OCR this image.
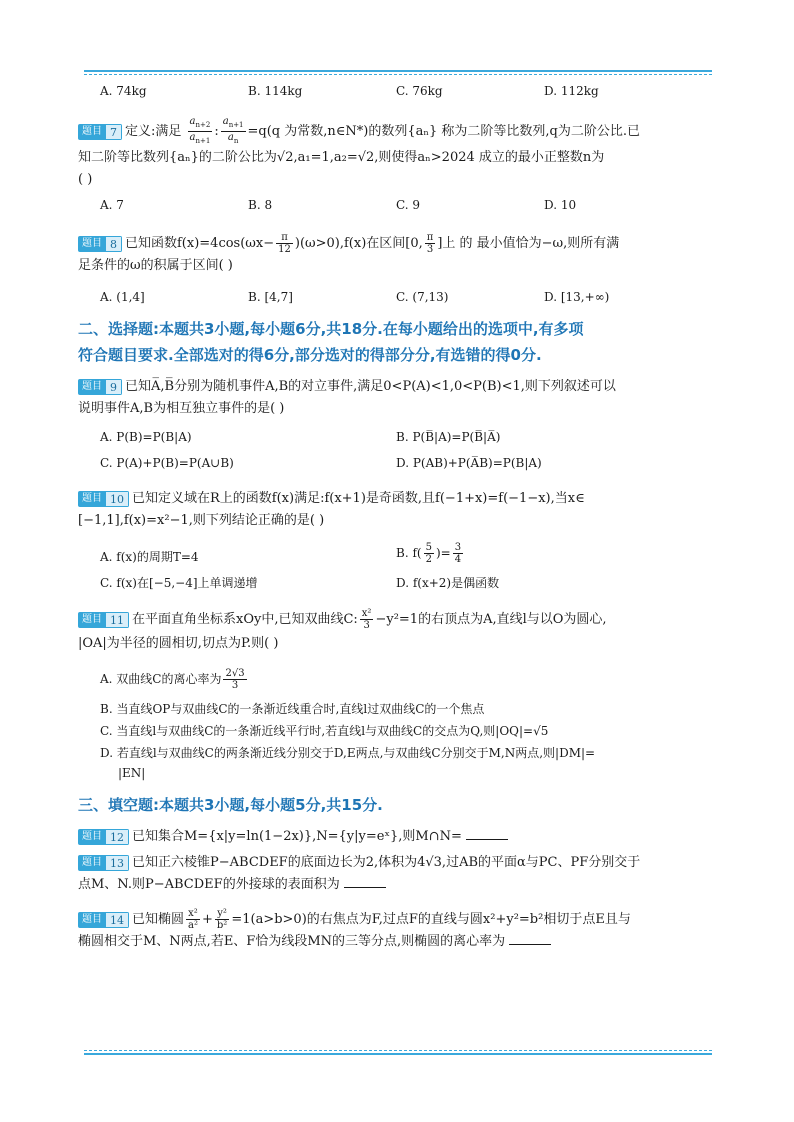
A. 74kg	B. 114kg	C. 76kg	D. 112kg
题目 7 定义:满足 $\frac{a_{n+2}}{a_{n+1}}$ : $\frac{a_{n+1}}{a_n} =q(q$ 为常数,n∈N*)的数列{aₙ} 称为二阶等比数列,q为二阶公比.已
知二阶等比数列{aₙ}的二阶公比为√2,a₁=1,a₂=√2,则使得aₙ>2024 成立的最小正整数n为
( )
A. 7	B. 8	C. 9	D. 10
题目 8 已知函数$f(x)=4\cos(\omega x- \frac{\pi}{12} )(\omega>0),f(x)$在区间[0, $\frac{\pi}{3}$ ]上 的 最小值恰为−ω,则所有满
足条件的ω的积属于区间( )
A. (1,4]	B. [4,7]	C. (7,13)	D. [13,+∞)
二、选择题:本题共3小题,每小题6分,共18分.在每小题给出的选项中,有多项
符合题目要求.全部选对的得6分,部分选对的得部分分,有选错的得0分.
题目 9 已知A̅,B̅分别为随机事件A,B的对立事件,满足0<P(A)<1,0<P(B)<1,则下列叙述可以
说明事件A,B为相互独立事件的是( )
A. P(B)=P(B|A)	B. P(B̅|A)=P(B̅|A̅)
C. P(A)+P(B)=P(A∪B)	D. P(AB)+P(A̅B)=P(B|A)
题目 10 已知定义域在R上的函数f(x)满足:f(x+1)是奇函数,且f(−1+x)=f(−1−x),当x∈
[−1,1],f(x)=x²−1,则下列结论正确的是( )
A. f(x)的周期T=4	B. $f( \frac{5}{2}$ )= $\frac{3}{4}$
C. f(x)在[−5,−4]上单调递增	D. f(x+2)是偶函数
题目 11 在平面直角坐标系xOy中,已知双曲线C: $\frac{\text{x²}}{3} -y^2=1$的右顶点为A,直线l与以O为圆心,
|OA|为半径的圆相切,切点为P.则( )
A. 双曲线C的离心率为 $\frac{2√3}{3}$
B. 当直线OP与双曲线C的一条渐近线重合时,直线l过双曲线C的一个焦点
C. 当直线l与双曲线C的一条渐近线平行时,若直线l与双曲线C的交点为Q,则|OQ|=√5
D. 若直线l与双曲线C的两条渐近线分别交于D,E两点,与双曲线C分别交于M,N两点,则|DM|=
|EN|
三、填空题:本题共3小题,每小题5分,共15分.
题目 12 已知集合M={x|y=ln(1−2x)},N={y|y=eˣ},则M∩N=
题目 13 已知正六棱锥P−ABCDEF的底面边长为2,体积为4√3,过AB的平面α与PC、PF分别交于
点M、N.则P−ABCDEF的外接球的表面积为
题目 14 已知椭圆 $\frac{\text{x²}}{\text{a²}} + \frac{\text{y²}}{\text{b²}} =1(a>b>0)$的右焦点为F,过点F的直线与圆x²+y²=b²相切于点E且与
椭圆相交于M、N两点,若E、F恰为线段MN的三等分点,则椭圆的离心率为
